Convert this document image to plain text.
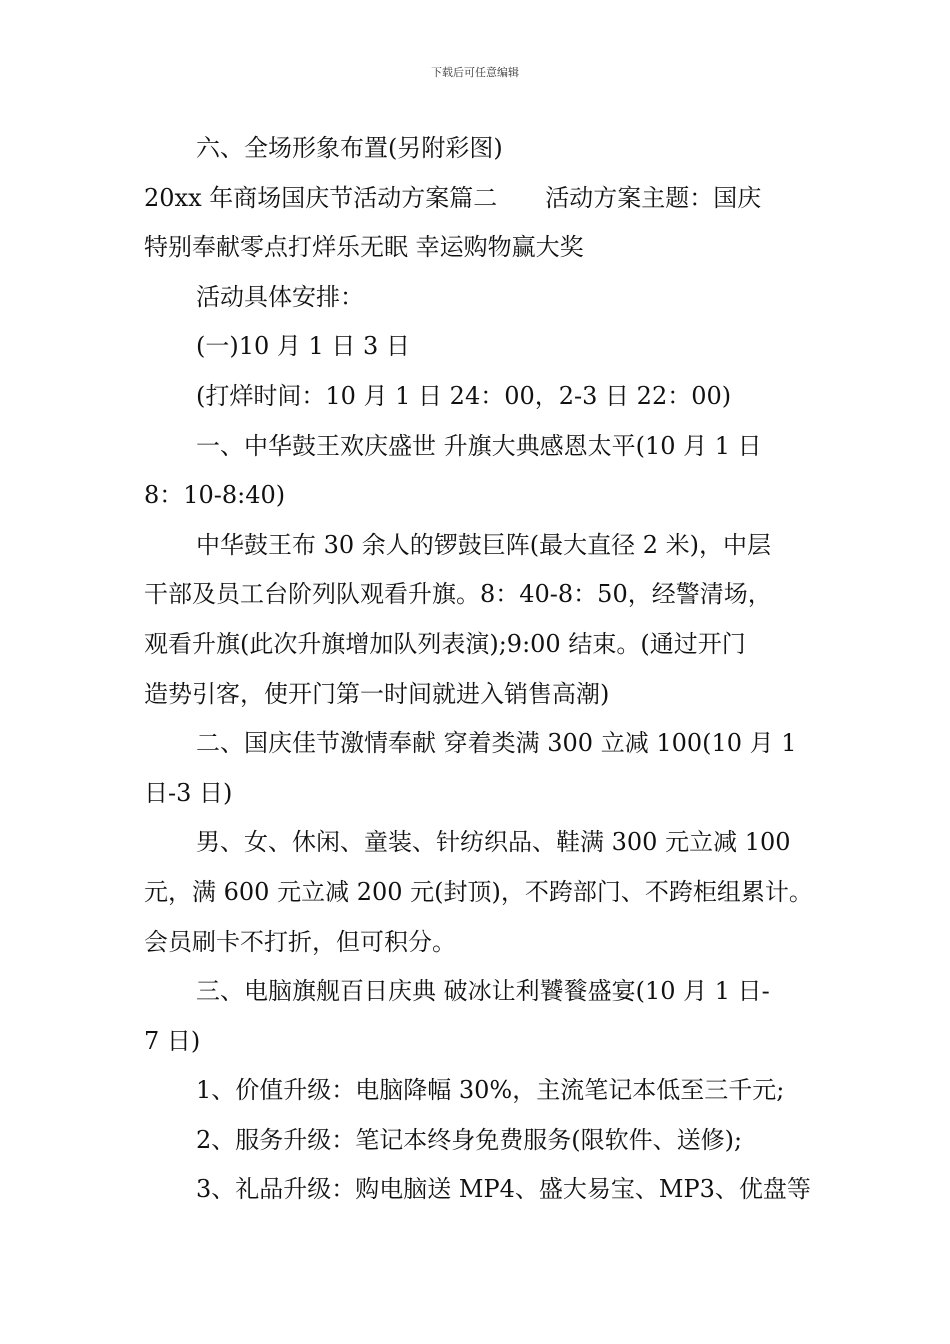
下载后可任意编辑
六、全场形象布置(另附彩图)
20xx 年商场国庆节活动方案篇二　　活动方案主题：国庆
特别奉献零点打烊乐无眠 幸运购物赢大奖
活动具体安排：
(一)10 月 1 日 3 日
(打烊时间：10 月 1 日 24：00，2-3 日 22：00)
一、中华鼓王欢庆盛世 升旗大典感恩太平(10 月 1 日
8：10-8:40)
中华鼓王布 30 余人的锣鼓巨阵(最大直径 2 米)，中层
干部及员工台阶列队观看升旗。8：40-8：50，经警清场，
观看升旗(此次升旗增加队列表演);9:00 结束。(通过开门
造势引客，使开门第一时间就进入销售高潮)
二、国庆佳节激情奉献 穿着类满 300 立减 100(10 月 1
日-3 日)
男、女、休闲、童装、针纺织品、鞋满 300 元立减 100
元，满 600 元立减 200 元(封顶)，不跨部门、不跨柜组累计。
会员刷卡不打折，但可积分。
三、电脑旗舰百日庆典 破冰让利饕餮盛宴(10 月 1 日-
7 日)
1、价值升级：电脑降幅 30%，主流笔记本低至三千元;
2、服务升级：笔记本终身免费服务(限软件、送修);
3、礼品升级：购电脑送 MP4、盛大易宝、MP3、优盘等
